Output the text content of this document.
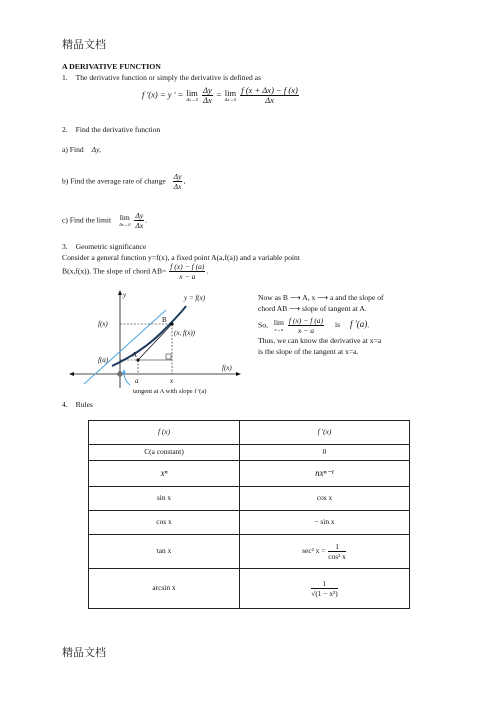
精品文档
A DERIVATIVE FUNCTION
1. The derivative function or simply the derivative is defined as
f '(x) = y ' = lim
Δx→0
$\frac{\Delta y}{\Delta x} = \lim$
Δx→0
$\frac{f (x + \Delta x) - f (x)}{\Delta x}$
2. Find the derivative function
a) Find Δy,
b) Find the average rate of change $\frac{\Delta y}{\Delta x}$ ,
c) Find the limit lim
Δx→0
$\frac{\Delta y}{\Delta x}$ .
3. Geometric significance
Consider a general function y=f(x), a fixed point A(a,f(a)) and a variable point
B(x,f(x)). The slope of chord $AB= \frac{f (x) - f (a)}{x - a}$ .
y	y = f(x)
B
(x, f(x))
A
f(x)
f(a)
a	x
f(x)
tangent at A with slope f '(a)
Now as B ⟶ A, x ⟶ a and the slope of
chord AB ⟶ slope of tangent at A.
So, lim
x→a
$\frac{f (x) - f (a)}{x - a}$ is f ′(a).
Thus, we can know the derivative at x=a
is the slope of the tangent at x=a.
4. Rules
f (x)	f ′(x)
C(a constant)	0
xⁿ	nxⁿ⁻¹
sin x	cos x
cos x	− sin x
tan x	sec² $x = \frac{1}{\text{cos² x}}$

arcsin x	$\frac{1}{\text{√(1 − x²)}}$
精品文档
